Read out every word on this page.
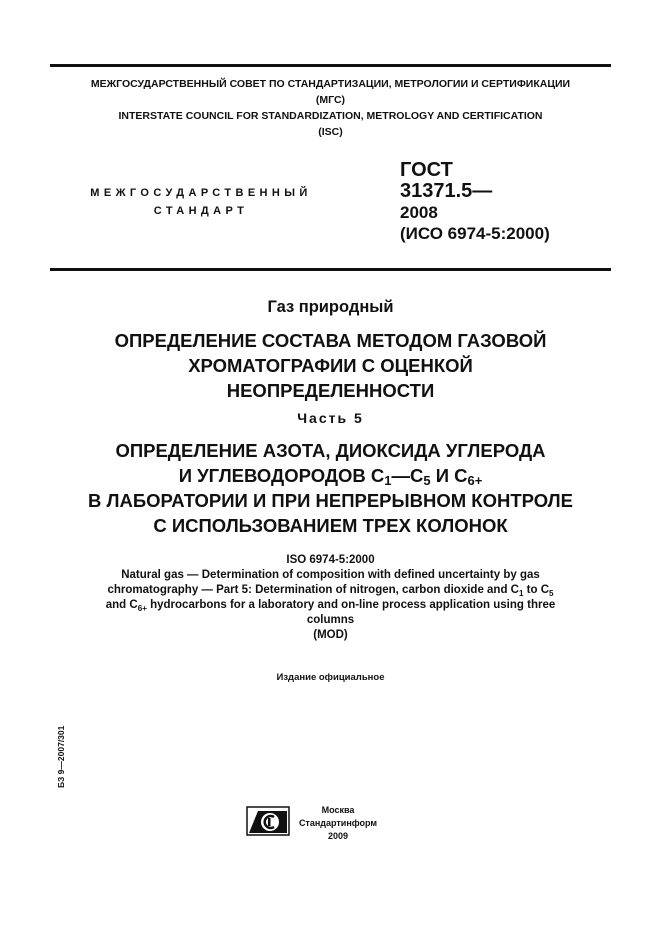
МЕЖГОСУДАРСТВЕННЫЙ СОВЕТ ПО СТАНДАРТИЗАЦИИ, МЕТРОЛОГИИ И СЕРТИФИКАЦИИ
(МГС)
INTERSTATE COUNCIL FOR STANDARDIZATION, METROLOGY AND CERTIFICATION
(ISC)
МЕЖГОСУДАРСТВЕННЫЙ
СТАНДАРТ
ГОСТ
31371.5—
2008
(ИСО 6974-5:2000)
Газ природный
ОПРЕДЕЛЕНИЕ СОСТАВА МЕТОДОМ ГАЗОВОЙ
ХРОМАТОГРАФИИ С ОЦЕНКОЙ
НЕОПРЕДЕЛЕННОСТИ
Часть 5
ОПРЕДЕЛЕНИЕ АЗОТА, ДИОКСИДА УГЛЕРОДА
И УГЛЕВОДОРОДОВ $С_1—С_5$ И $С_{6+}$
В ЛАБОРАТОРИИ И ПРИ НЕПРЕРЫВНОМ КОНТРОЛЕ
С ИСПОЛЬЗОВАНИЕМ ТРЕХ КОЛОНОК
ISO 6974-5:2000
Natural gas — Determination of composition with defined uncertainty by gas
chromatography — Part 5: Determination of nitrogen, carbon dioxide and $C_1$ to $C_5$
and $C_{6+}$ hydrocarbons for a laboratory and on-line process application using three
columns
(MOD)
Издание официальное
БЗ 9—2007/301
Москва
Стандартинформ
2009
